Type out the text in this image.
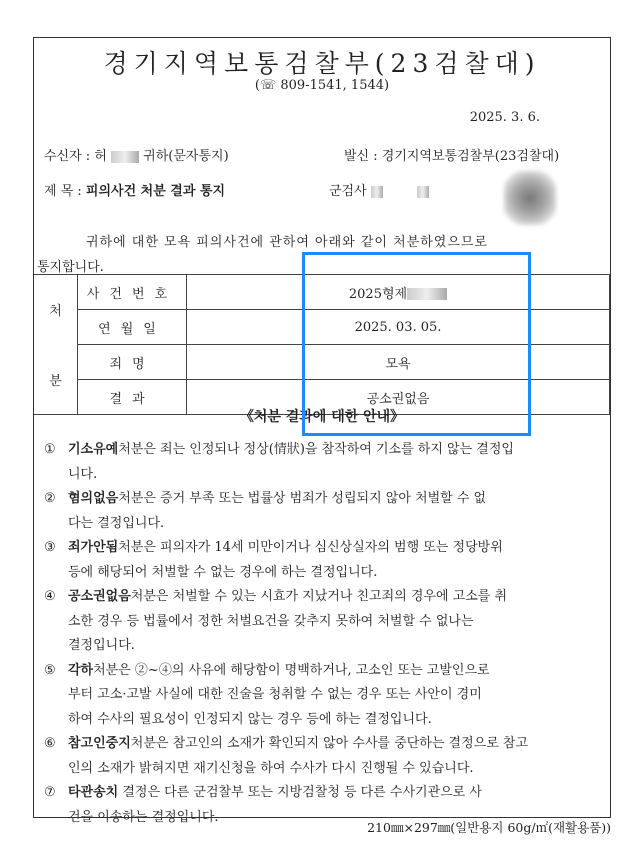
경기지역보통검찰부(23검찰대)
(☏ 809-1541, 1544)
2025. 3. 6.
수신자 : 허	귀하(문자통지)	발신 : 경기지역보통검찰부(23검찰대)
제 목 : 피의사건 처분 결과 통지	군검사
귀하에 대한 모욕 피의사건에 관하여 아래와 같이 처분하였으므로
통지합니다.
처	사건번호	2025형제
	연월일	2025. 03. 05.
분	죄명	모욕
	결과	공소권없음
《처분 결과에 대한 안내》
① 기소유예처분은 죄는 인정되나 정상(情狀)을 참작하여 기소를 하지 않는 결정입
니다.
② 혐의없음처분은 증거 부족 또는 법률상 범죄가 성립되지 않아 처벌할 수 없
다는 결정입니다.
③ 죄가안됨처분은 피의자가 14세 미만이거나 심신상실자의 범행 또는 정당방위
등에 해당되어 처벌할 수 없는 경우에 하는 결정입니다.
④ 공소권없음처분은 처벌할 수 있는 시효가 지났거나 친고죄의 경우에 고소를 취
소한 경우 등 법률에서 정한 처벌요건을 갖추지 못하여 처벌할 수 없나는
결정입니다.
⑤ 각하처분은 ②~④의 사유에 해당함이 명백하거나, 고소인 또는 고발인으로
부터 고소·고발 사실에 대한 진술을 청취할 수 없는 경우 또는 사안이 경미
하여 수사의 필요성이 인정되지 않는 경우 등에 하는 결정입니다.
⑥ 참고인중지처분은 참고인의 소재가 확인되지 않아 수사를 중단하는 결정으로 참고
인의 소재가 밝혀지면 재기신청을 하여 수사가 다시 진행될 수 있습니다.
⑦ 타관송치 결정은 다른 군검찰부 또는 지방검찰청 등 다른 수사기관으로 사
건을 이송하는 결정입니다.
210㎜×297㎜(일반용지 60g/㎡(재활용품))
